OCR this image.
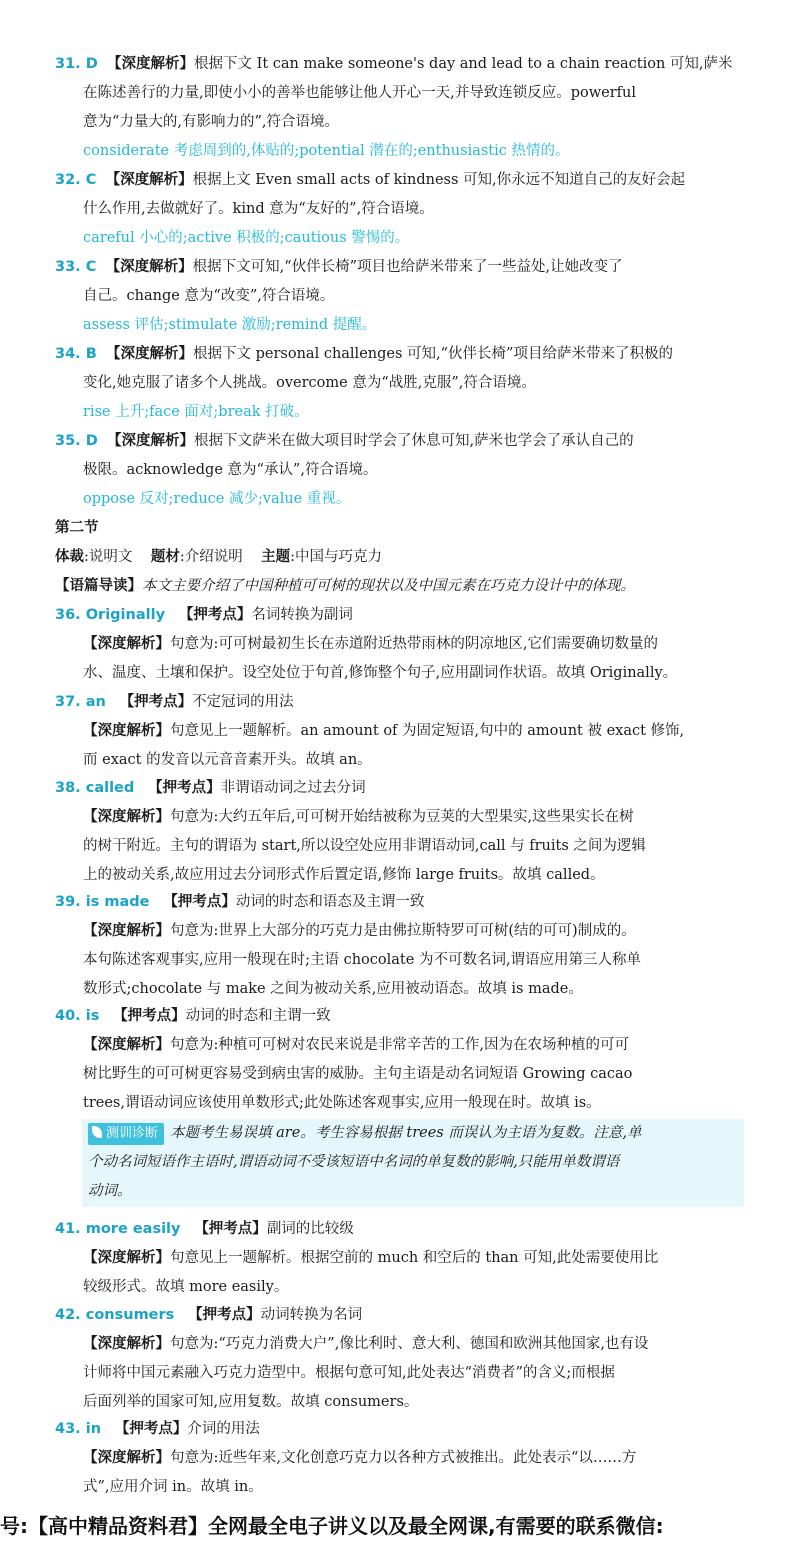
31. D 【深度解析】根据下文 It can make someone's day and lead to a chain reaction 可知,萨米
在陈述善行的力量,即使小小的善举也能够让他人开心一天,并导致连锁反应。powerful
意为“力量大的,有影响力的”,符合语境。
considerate 考虑周到的,体贴的;potential 潜在的;enthusiastic 热情的。
32. C 【深度解析】根据上文 Even small acts of kindness 可知,你永远不知道自己的友好会起
什么作用,去做就好了。kind 意为“友好的”,符合语境。
careful 小心的;active 积极的;cautious 警惕的。
33. C 【深度解析】根据下文可知,“伙伴长椅”项目也给萨米带来了一些益处,让她改变了
自己。change 意为“改变”,符合语境。
assess 评估;stimulate 激励;remind 提醒。
34. B 【深度解析】根据下文 personal challenges 可知,“伙伴长椅”项目给萨米带来了积极的
变化,她克服了诸多个人挑战。overcome 意为“战胜,克服”,符合语境。
rise 上升;face 面对;break 打破。
35. D 【深度解析】根据下文萨米在做大项目时学会了休息可知,萨米也学会了承认自己的
极限。acknowledge 意为“承认”,符合语境。
oppose 反对;reduce 减少;value 重视。
第二节
体裁:说明文 题材:介绍说明 主题:中国与巧克力
【语篇导读】本文主要介绍了中国种植可可树的现状以及中国元素在巧克力设计中的体现。
36. Originally 【押考点】名词转换为副词
【深度解析】句意为:可可树最初生长在赤道附近热带雨林的阴凉地区,它们需要确切数量的
水、温度、土壤和保护。设空处位于句首,修饰整个句子,应用副词作状语。故填 Originally。
37. an 【押考点】不定冠词的用法
【深度解析】句意见上一题解析。an amount of 为固定短语,句中的 amount 被 exact 修饰,
而 exact 的发音以元音音素开头。故填 an。
38. called 【押考点】非谓语动词之过去分词
【深度解析】句意为:大约五年后,可可树开始结被称为豆荚的大型果实,这些果实长在树
的树干附近。主句的谓语为 start,所以设空处应用非谓语动词,call 与 fruits 之间为逻辑
上的被动关系,故应用过去分词形式作后置定语,修饰 large fruits。故填 called。
39. is made 【押考点】动词的时态和语态及主谓一致
【深度解析】句意为:世界上大部分的巧克力是由佛拉斯特罗可可树(结的可可)制成的。
本句陈述客观事实,应用一般现在时;主语 chocolate 为不可数名词,谓语应用第三人称单
数形式;chocolate 与 make 之间为被动关系,应用被动语态。故填 is made。
40. is 【押考点】动词的时态和主谓一致
【深度解析】句意为:种植可可树对农民来说是非常辛苦的工作,因为在农场种植的可可
树比野生的可可树更容易受到病虫害的威胁。主句主语是动名词短语 Growing cacao
trees,谓语动词应该使用单数形式;此处陈述客观事实,应用一般现在时。故填 is。
测训诊断 本题考生易误填 are。考生容易根据 trees 而误认为主语为复数。注意,单
个动名词短语作主语时,谓语动词不受该短语中名词的单复数的影响,只能用单数谓语
动词。
41. more easily 【押考点】副词的比较级
【深度解析】句意见上一题解析。根据空前的 much 和空后的 than 可知,此处需要使用比
较级形式。故填 more easily。
42. consumers 【押考点】动词转换为名词
【深度解析】句意为:“巧克力消费大户”,像比利时、意大利、德国和欧洲其他国家,也有设
计师将中国元素融入巧克力造型中。根据句意可知,此处表达“消费者”的含义;而根据
后面列举的国家可知,应用复数。故填 consumers。
43. in 【押考点】介词的用法
【深度解析】句意为:近些年来,文化创意巧克力以各种方式被推出。此处表示“以……方
式”,应用介词 in。故填 in。
号:【高中精品资料君】全网最全电子讲义以及最全网课,有需要的联系微信:
